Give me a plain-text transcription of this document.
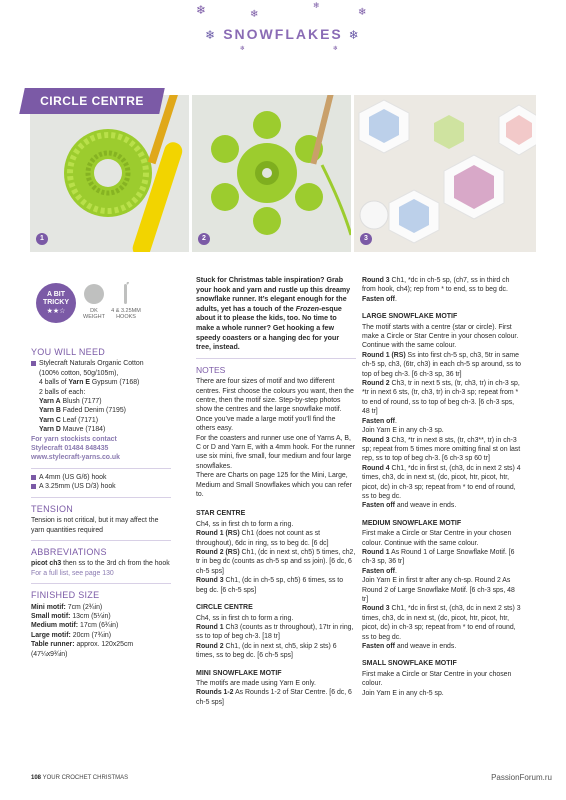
❄	❄	❄
❄
❄	❄
❄ SNOWFLAKES ❄
1	2	3
CIRCLE CENTRE
A BIT
TRICKY
★★☆	DK
WEIGHT
4 & 3.25MM
HOOKS
YOU WILL NEED
Stylecraft Naturals Organic Cotton
(100% cotton, 50g/105m),
4 balls of Yarn E Gypsum (7168)
2 balls of each:
Yarn A Blush (7177)
Yarn B Faded Denim (7195)
Yarn C Leaf (7171)
Yarn D Mauve (7184)
For yarn stockists contact
Stylecraft 01484 848435
www.stylecraft-yarns.co.uk
A 4mm (US G/6) hook
A 3.25mm (US D/3) hook
TENSION
Tension is not critical, but it may affect the yarn quantities required
ABBREVIATIONS
picot ch3 then ss to the 3rd ch from the hook
For a full list, see page 130
FINISHED SIZE
Mini motif: 7cm (2¾in)
Small motif: 13cm (5¼in)
Medium motif: 17cm (6¾in)
Large motif: 20cm (7¾in)
Table runner: approx. 120x25cm (47¼x9¾in)
Stuck for Christmas table inspiration? Grab your hook and yarn and rustle up this dreamy snowflake runner. It’s elegant enough for the adults, yet has a touch of the Frozen-esque about it to please the kids, too. No time to make a whole runner? Get hooking a few speedy coasters or a hanging dec for your tree, instead.
NOTES
There are four sizes of motif and two different centres. First choose the colours you want, then the centre, then the motif size. Step-by-step photos show the centres and the large snowflake motif. Once you’ve made a large motif you’ll find the others easy.
For the coasters and runner use one of Yarns A, B, C or D and Yarn E, with a 4mm hook. For the runner use six mini, five small, four medium and four large snowflakes.
There are Charts on page 125 for the Mini, Large, Medium and Small Snowflakes which you can refer to.
STAR CENTRE
Ch4, ss in first ch to form a ring.
Round 1 (RS) Ch1 (does not count as st throughout), 6dc in ring, ss to beg dc. [6 dc]
Round 2 (RS) Ch1, (dc in next st, ch5) 5 times, ch2, tr in beg dc (counts as ch-5 sp and ss join). [6 dc, 6 ch-5 sps]
Round 3 Ch1, (dc in ch-5 sp, ch5) 6 times, ss to beg dc. [6 ch-5 sps]
CIRCLE CENTRE
Ch4, ss in first ch to form a ring.
Round 1 Ch3 (counts as tr throughout), 17tr in ring, ss to top of beg ch-3. [18 tr]
Round 2 Ch1, (dc in next st, ch5, skip 2 sts) 6 times, ss to beg dc. [6 ch-5 sps]
MINI SNOWFLAKE MOTIF
The motifs are made using Yarn E only.
Rounds 1-2 As Rounds 1-2 of Star Centre. [6 dc, 6 ch-5 sps]
Round 3 Ch1, *dc in ch-5 sp, (ch7, ss in third ch from hook, ch4); rep from * to end, ss to beg dc.
Fasten off.
LARGE SNOWFLAKE MOTIF
The motif starts with a centre (star or circle). First make a Circle or Star Centre in your chosen colour. Continue with the same colour.
Round 1 (RS) Ss into first ch-5 sp, ch3, 5tr in same ch-5 sp, ch3, (6tr, ch3) in each ch-5 sp around, ss to top of beg ch-3. [6 ch-3 sp, 36 tr]
Round 2 Ch3, tr in next 5 sts, (tr, ch3, tr) in ch-3 sp, *tr in next 6 sts, (tr, ch3, tr) in ch-3 sp; repeat from * to end of round, ss to top of beg ch-3. [6 ch-3 sps, 48 tr]
Fasten off.
Join Yarn E in any ch-3 sp.
Round 3 Ch3, *tr in next 8 sts, (tr, ch3**, tr) in ch-3 sp; repeat from 5 times more omitting final st on last rep, ss to top of beg ch-3. [6 ch-3 sp 60 tr]
Round 4 Ch1, *dc in first st, (ch3, dc in next 2 sts) 4 times, ch3, dc in next st, (dc, picot, htr, picot, htr, picot, dc) in ch-3 sp; repeat from * to end of round, ss to beg dc.
Fasten off and weave in ends.
MEDIUM SNOWFLAKE MOTIF
First make a Circle or Star Centre in your chosen colour. Continue with the same colour.
Round 1 As Round 1 of Large Snowflake Motif. [6 ch-3 sp, 36 tr]
Fasten off.
Join Yarn E in first tr after any ch-sp. Round 2 As Round 2 of Large Snowflake Motif. [6 ch-3 sps, 48 tr]
Round 3 Ch1, *dc in first st, (ch3, dc in next 2 sts) 3 times, ch3, dc in next st, (dc, picot, htr, picot, htr, picot, dc) in ch-3 sp; repeat from * to end of round, ss to beg dc.
Fasten off and weave in ends.
SMALL SNOWFLAKE MOTIF
First make a Circle or Star Centre in your chosen colour.
Join Yarn E in any ch-5 sp.
108 YOUR CROCHET CHRISTMAS	PassionForum.ru
